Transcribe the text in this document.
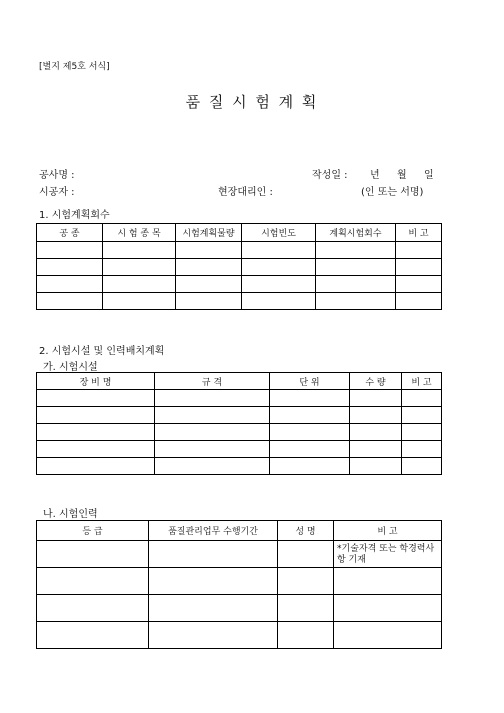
[별지 제5호 서식]
품 질 시 험 계 획
공사명 :	작성일 : 년 월 일
시공자 :	현장대리인 :	(인 또는 서명)
1. 시험계획회수
공 종	시 험 종 목	시험계획물량	시험빈도	계획시험회수	비 고

2. 시험시설 및 인력배치계획
가. 시험시설
장 비 명	규 격	단 위	수 량	비 고

나. 시험인력
등 급	품질관리업무 수행기간	성 명	비 고
			*기술자격 또는 학경력사항 기재
